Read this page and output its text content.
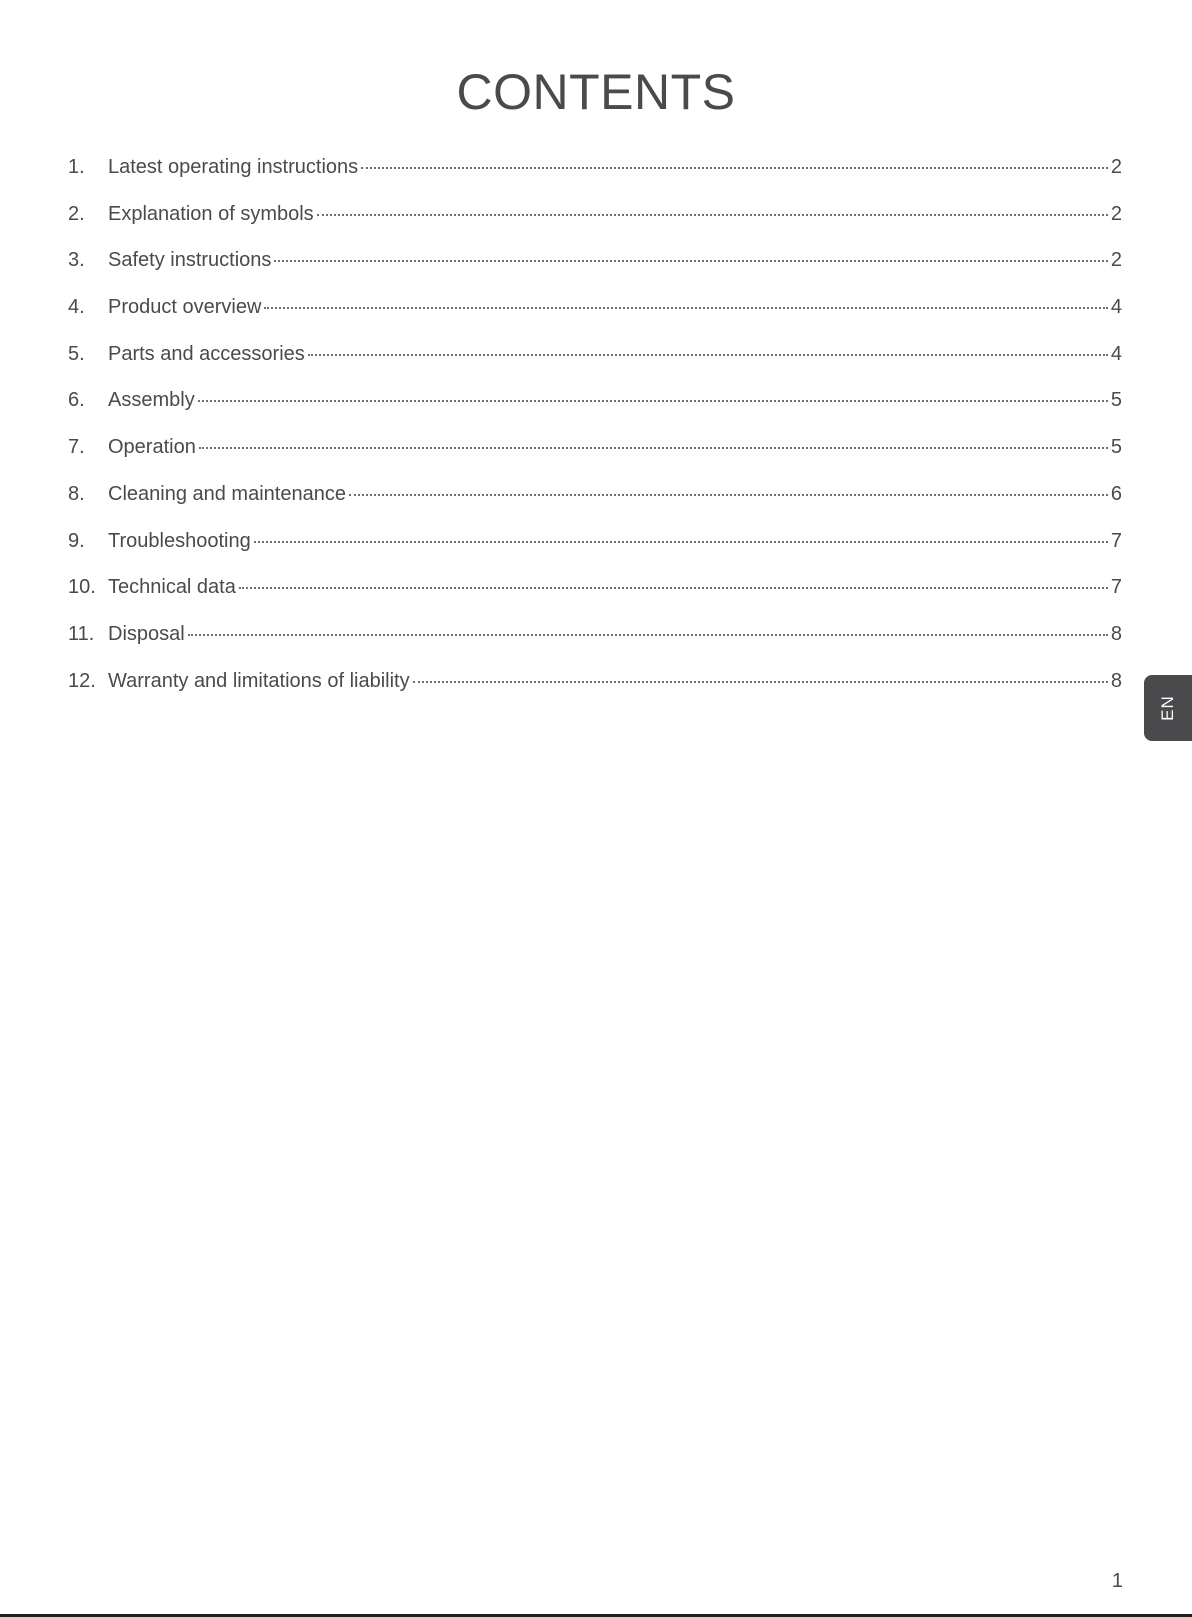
CONTENTS
1.	Latest operating instructions	2
2.	Explanation of symbols	2
3.	Safety instructions	2
4.	Product overview	4
5.	Parts and accessories	4
6.	Assembly	5
7.	Operation	5
8.	Cleaning and maintenance	6
9.	Troubleshooting	7
10. Technical data	7
11. Disposal	8
12. Warranty and limitations of liability	8
EN
1
